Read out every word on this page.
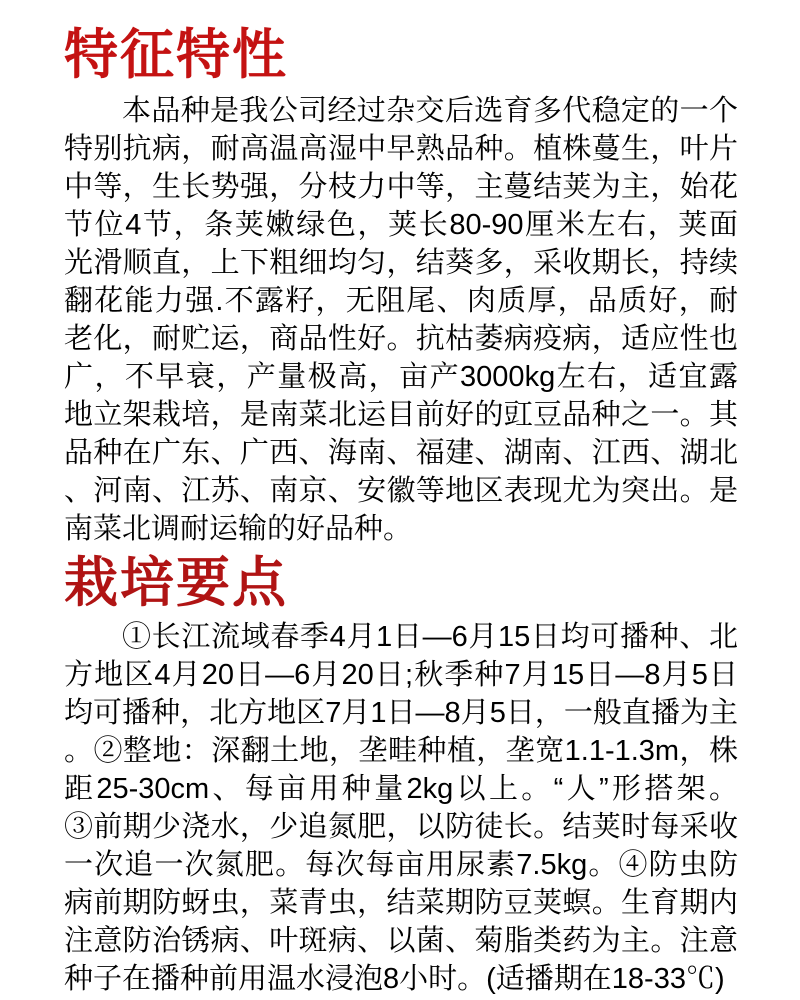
特征特性
本品种是我公司经过杂交后选育多代稳定的一个
特别抗病，耐高温高湿中早熟品种。植株蔓生，叶片
中等，生长势强，分枝力中等，主蔓结荚为主，始花
节位4节，条荚嫩绿色，荚长80-90厘米左右，荚面
光滑顺直，上下粗细均匀，结葵多，采收期长，持续
翻花能力强.不露籽，无阻尾、肉质厚，品质好，耐
老化，耐贮运，商品性好。抗枯萎病疫病，适应性也
广，不早衰，产量极高，亩产3000kg左右，适宜露
地立架栽培，是南菜北运目前好的豇豆品种之一。其
品种在广东、广西、海南、福建、湖南、江西、湖北
、河南、江苏、南京、安徽等地区表现尤为突出。是
南菜北调耐运输的好品种。
栽培要点
①长江流域春季4月1日—6月15日均可播种、北
方地区4月20日—6月20日;秋季种7月15日—8月5日
均可播种，北方地区7月1日—8月5日，一般直播为主
。②整地：深翻土地，垄畦种植，垄宽1.1-1.3m，株
距25-30cm、每亩用种量2kg以上。“人”形搭架。
③前期少浇水，少追氮肥，以防徒长。结荚时每采收
一次追一次氮肥。每次每亩用尿素7.5kg。④防虫防
病前期防蚜虫，菜青虫，结菜期防豆荚螟。生育期内
注意防治锈病、叶斑病、以菌、菊脂类药为主。注意
种子在播种前用温水浸泡8小时。(适播期在18-33℃)
